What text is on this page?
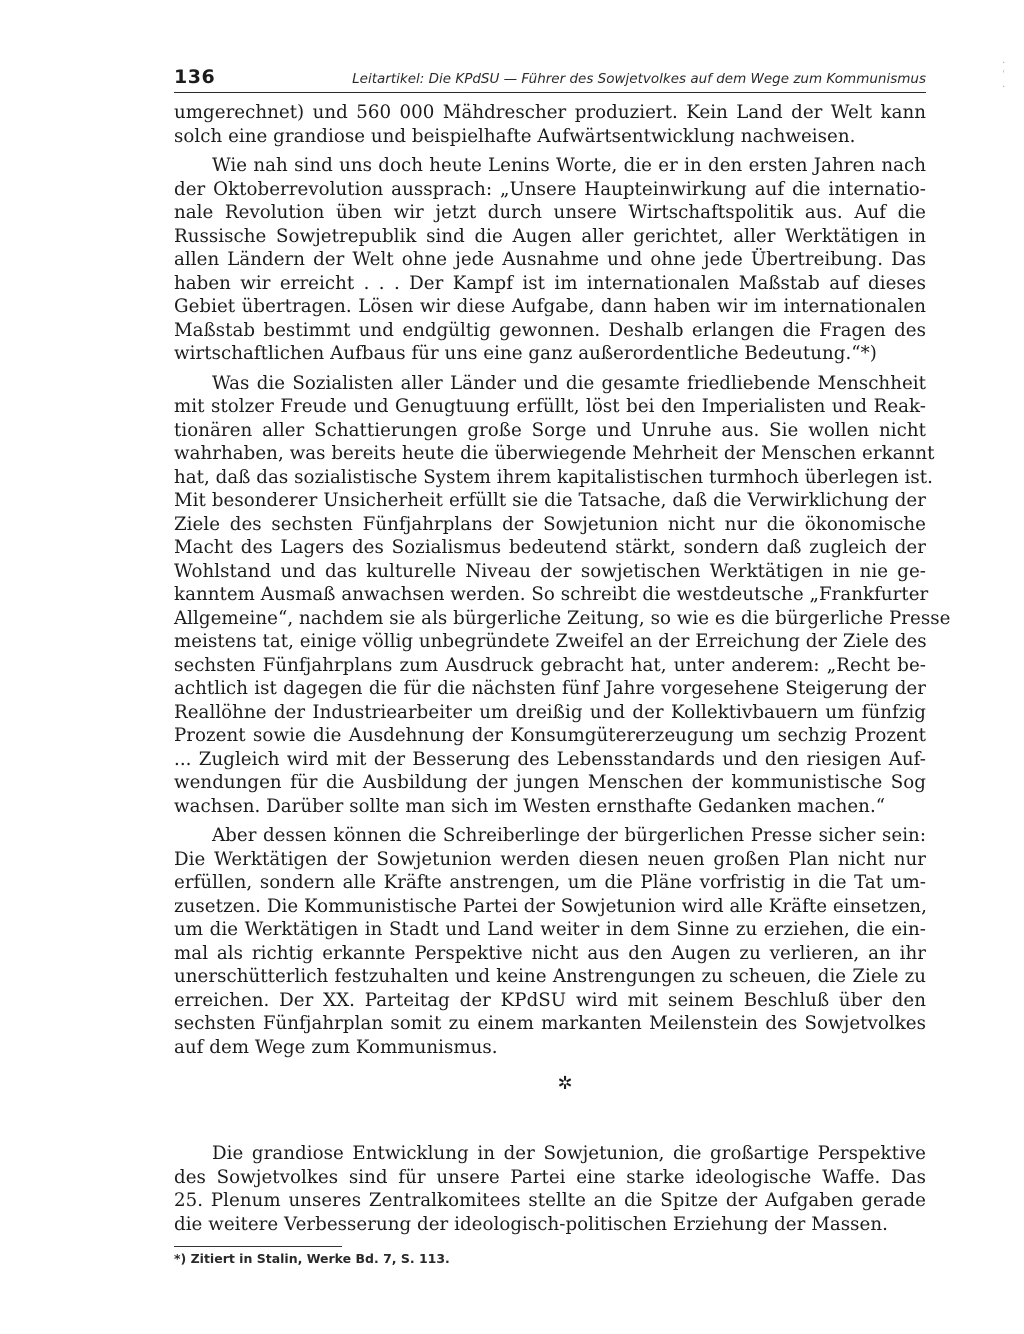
·
ˈ
·
136	Leitartikel: Die KPdSU — Führer des Sowjetvolkes auf dem Wege zum Kommunismus
umgerechnet) und 560 000 Mähdrescher produziert. Kein Land der Welt kann
solch eine grandiose und beispielhafte Aufwärtsentwicklung nachweisen.
Wie nah sind uns doch heute Lenins Worte, die er in den ersten Jahren nach
der Oktoberrevolution aussprach: „Unsere Haupteinwirkung auf die internatio-
nale Revolution üben wir jetzt durch unsere Wirtschaftspolitik aus. Auf die
Russische Sowjetrepublik sind die Augen aller gerichtet, aller Werktätigen in
allen Ländern der Welt ohne jede Ausnahme und ohne jede Übertreibung. Das
haben wir erreicht . . . Der Kampf ist im internationalen Maßstab auf dieses
Gebiet übertragen. Lösen wir diese Aufgabe, dann haben wir im internationalen
Maßstab bestimmt und endgültig gewonnen. Deshalb erlangen die Fragen des
wirtschaftlichen Aufbaus für uns eine ganz außerordentliche Bedeutung.“*)
Was die Sozialisten aller Länder und die gesamte friedliebende Menschheit
mit stolzer Freude und Genugtuung erfüllt, löst bei den Imperialisten und Reak-
tionären aller Schattierungen große Sorge und Unruhe aus. Sie wollen nicht
wahrhaben, was bereits heute die überwiegende Mehrheit der Menschen erkannt
hat, daß das sozialistische System ihrem kapitalistischen turmhoch überlegen ist.
Mit besonderer Unsicherheit erfüllt sie die Tatsache, daß die Verwirklichung der
Ziele des sechsten Fünfjahrplans der Sowjetunion nicht nur die ökonomische
Macht des Lagers des Sozialismus bedeutend stärkt, sondern daß zugleich der
Wohlstand und das kulturelle Niveau der sowjetischen Werktätigen in nie ge-
kanntem Ausmaß anwachsen werden. So schreibt die westdeutsche „Frankfurter
Allgemeine“, nachdem sie als bürgerliche Zeitung, so wie es die bürgerliche Presse
meistens tat, einige völlig unbegründete Zweifel an der Erreichung der Ziele des
sechsten Fünfjahrplans zum Ausdruck gebracht hat, unter anderem: „Recht be-
achtlich ist dagegen die für die nächsten fünf Jahre vorgesehene Steigerung der
Reallöhne der Industriearbeiter um dreißig und der Kollektivbauern um fünfzig
Prozent sowie die Ausdehnung der Konsumgütererzeugung um sechzig Prozent
... Zugleich wird mit der Besserung des Lebensstandards und den riesigen Auf-
wendungen für die Ausbildung der jungen Menschen der kommunistische Sog
wachsen. Darüber sollte man sich im Westen ernsthafte Gedanken machen.“
Aber dessen können die Schreiberlinge der bürgerlichen Presse sicher sein:
Die Werktätigen der Sowjetunion werden diesen neuen großen Plan nicht nur
erfüllen, sondern alle Kräfte anstrengen, um die Pläne vorfristig in die Tat um-
zusetzen. Die Kommunistische Partei der Sowjetunion wird alle Kräfte einsetzen,
um die Werktätigen in Stadt und Land weiter in dem Sinne zu erziehen, die ein-
mal als richtig erkannte Perspektive nicht aus den Augen zu verlieren, an ihr
unerschütterlich festzuhalten und keine Anstrengungen zu scheuen, die Ziele zu
erreichen. Der XX. Parteitag der KPdSU wird mit seinem Beschluß über den
sechsten Fünfjahrplan somit zu einem markanten Meilenstein des Sowjetvolkes
auf dem Wege zum Kommunismus.
✲
Die grandiose Entwicklung in der Sowjetunion, die großartige Perspektive
des Sowjetvolkes sind für unsere Partei eine starke ideologische Waffe. Das
25. Plenum unseres Zentralkomitees stellte an die Spitze der Aufgaben gerade
die weitere Verbesserung der ideologisch-politischen Erziehung der Massen.
*) Zitiert in Stalin, Werke Bd. 7, S. 113.
